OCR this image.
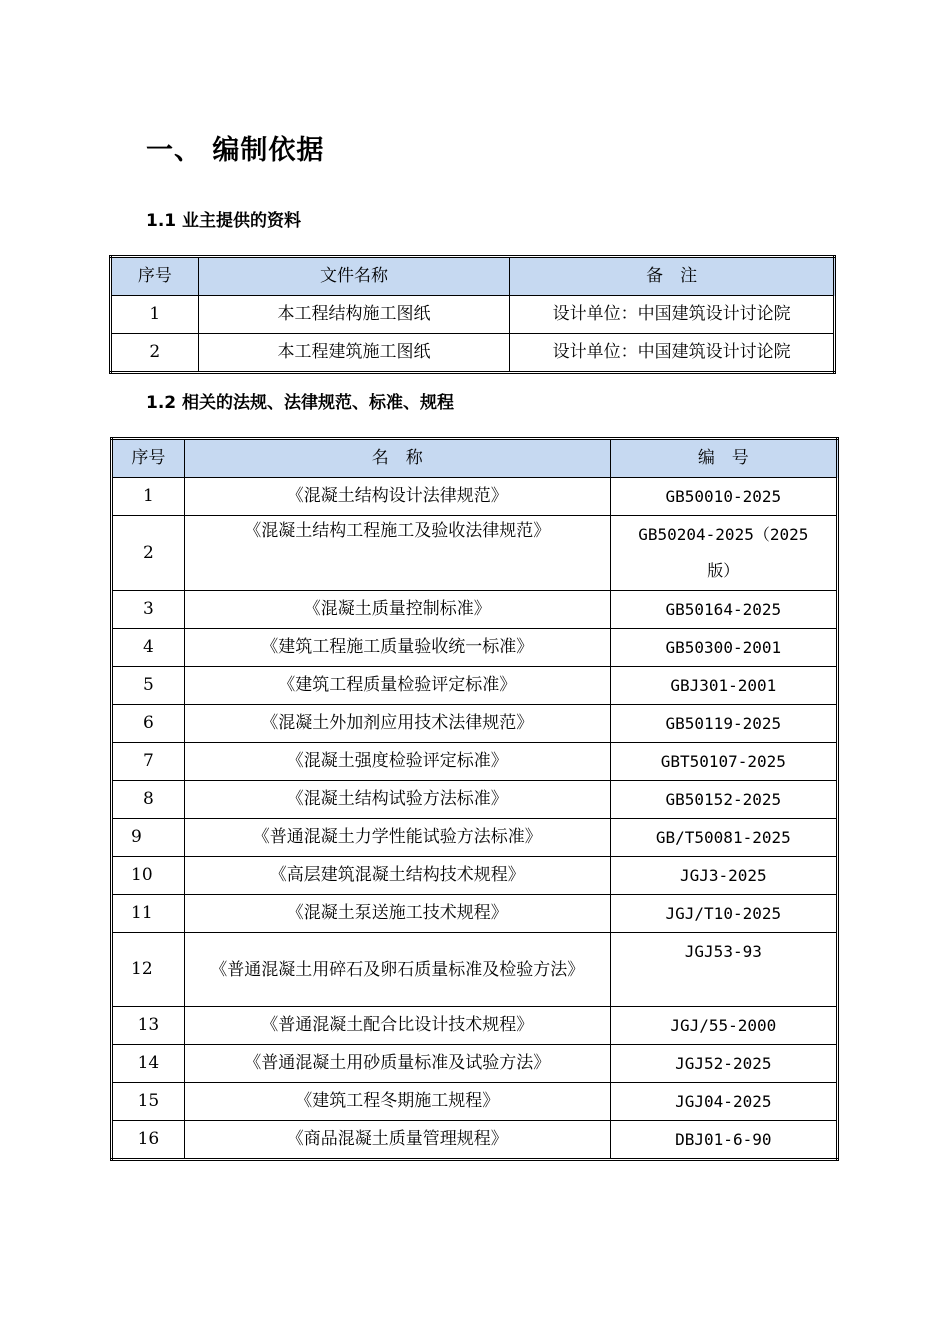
一、 编制依据
1.1 业主提供的资料
序号	文件名称	备　注
1	本工程结构施工图纸	设计单位：中国建筑设计讨论院
2	本工程建筑施工图纸	设计单位：中国建筑设计讨论院
1.2 相关的法规、法律规范、标准、规程
序号	名　称	编　号
1	《混凝土结构设计法律规范》	GB50010-2025
2	《混凝土结构工程施工及验收法律规范》	GB50204-2025（2025版）
3	《混凝土质量控制标准》	GB50164-2025
4	《建筑工程施工质量验收统一标准》	GB50300-2001
5	《建筑工程质量检验评定标准》	GBJ301-2001
6	《混凝土外加剂应用技术法律规范》	GB50119-2025
7	《混凝土强度检验评定标准》	GBT50107-2025
8	《混凝土结构试验方法标准》	GB50152-2025
9	《普通混凝土力学性能试验方法标准》	GB/T50081-2025
10	《高层建筑混凝土结构技术规程》	JGJ3-2025
11	《混凝土泵送施工技术规程》	JGJ/T10-2025
12	《普通混凝土用碎石及卵石质量标准及检验方法》	JGJ53-93
13	《普通混凝土配合比设计技术规程》	JGJ/55-2000
14	《普通混凝土用砂质量标准及试验方法》	JGJ52-2025
15	《建筑工程冬期施工规程》	JGJ04-2025
16	《商品混凝土质量管理规程》	DBJ01-6-90
